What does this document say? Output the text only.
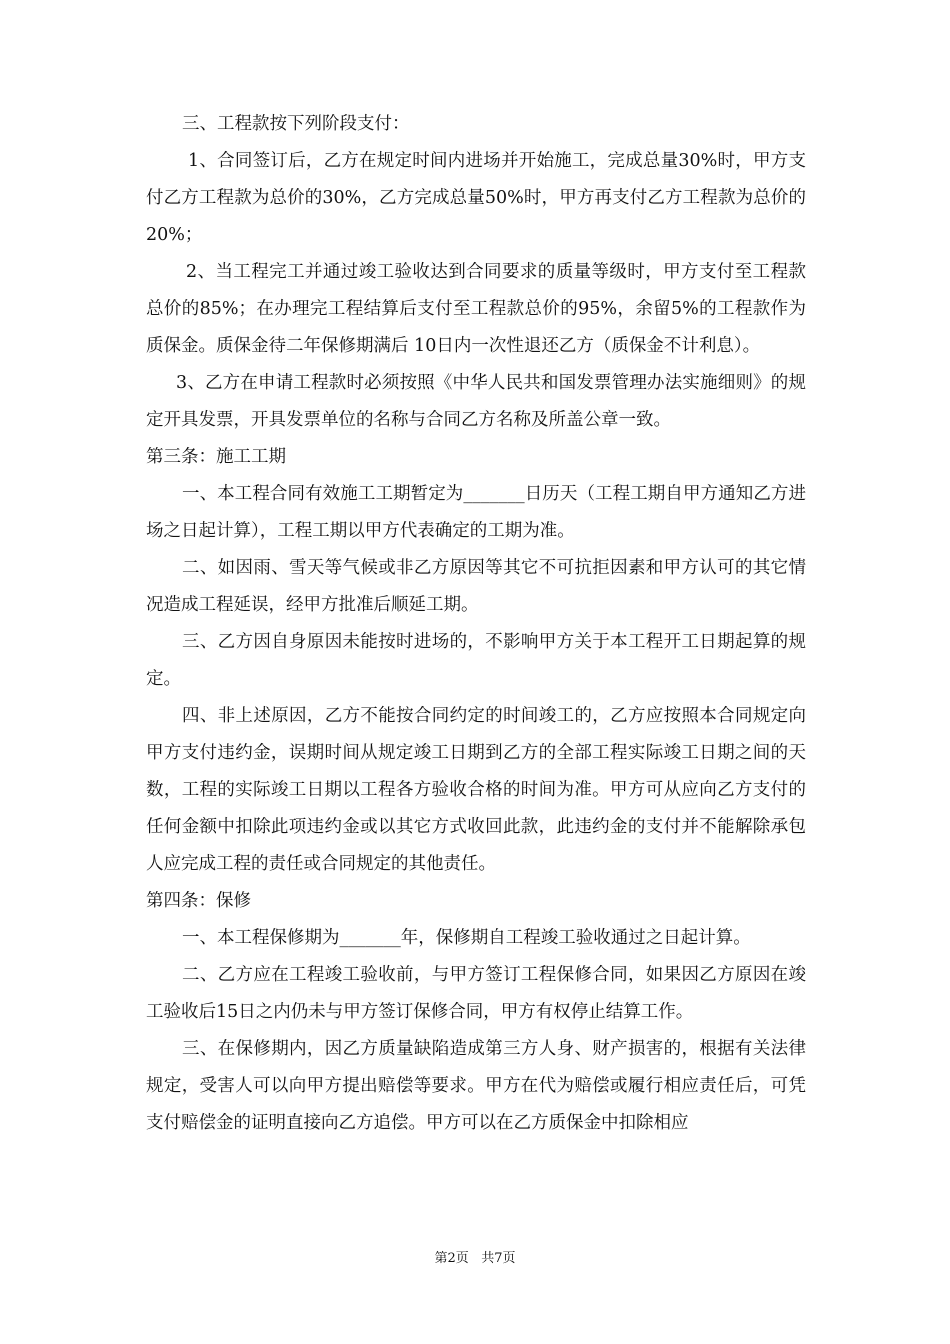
三、工程款按下列阶段支付：

1、合同签订后，乙方在规定时间内进场并开始施工，完成总量30%时，甲方支付乙方工程款为总价的30%，乙方完成总量50%时，甲方再支付乙方工程款为总价的20%；

2、当工程完工并通过竣工验收达到合同要求的质量等级时，甲方支付至工程款总价的85%；在办理完工程结算后支付至工程款总价的95%，余留5%的工程款作为质保金。质保金待二年保修期满后 10日内一次性退还乙方（质保金不计利息）。

3、乙方在申请工程款时必须按照《中华人民共和国发票管理办法实施细则》的规定开具发票，开具发票单位的名称与合同乙方名称及所盖公章一致。

第三条：施工工期

一、本工程合同有效施工工期暂定为_______日历天（工程工期自甲方通知乙方进场之日起计算），工程工期以甲方代表确定的工期为准。

二、如因雨、雪天等气候或非乙方原因等其它不可抗拒因素和甲方认可的其它情况造成工程延误，经甲方批准后顺延工期。

三、乙方因自身原因未能按时进场的，不影响甲方关于本工程开工日期起算的规定。

四、非上述原因，乙方不能按合同约定的时间竣工的，乙方应按照本合同规定向甲方支付违约金，误期时间从规定竣工日期到乙方的全部工程实际竣工日期之间的天数，工程的实际竣工日期以工程各方验收合格的时间为准。甲方可从应向乙方支付的任何金额中扣除此项违约金或以其它方式收回此款，此违约金的支付并不能解除承包人应完成工程的责任或合同规定的其他责任。

第四条：保修

一、本工程保修期为_______年，保修期自工程竣工验收通过之日起计算。

二、乙方应在工程竣工验收前，与甲方签订工程保修合同，如果因乙方原因在竣工验收后15日之内仍未与甲方签订保修合同，甲方有权停止结算工作。

三、在保修期内，因乙方质量缺陷造成第三方人身、财产损害的，根据有关法律规定，受害人可以向甲方提出赔偿等要求。甲方在代为赔偿或履行相应责任后，可凭支付赔偿金的证明直接向乙方追偿。甲方可以在乙方质保金中扣除相应

第2页 共7页
